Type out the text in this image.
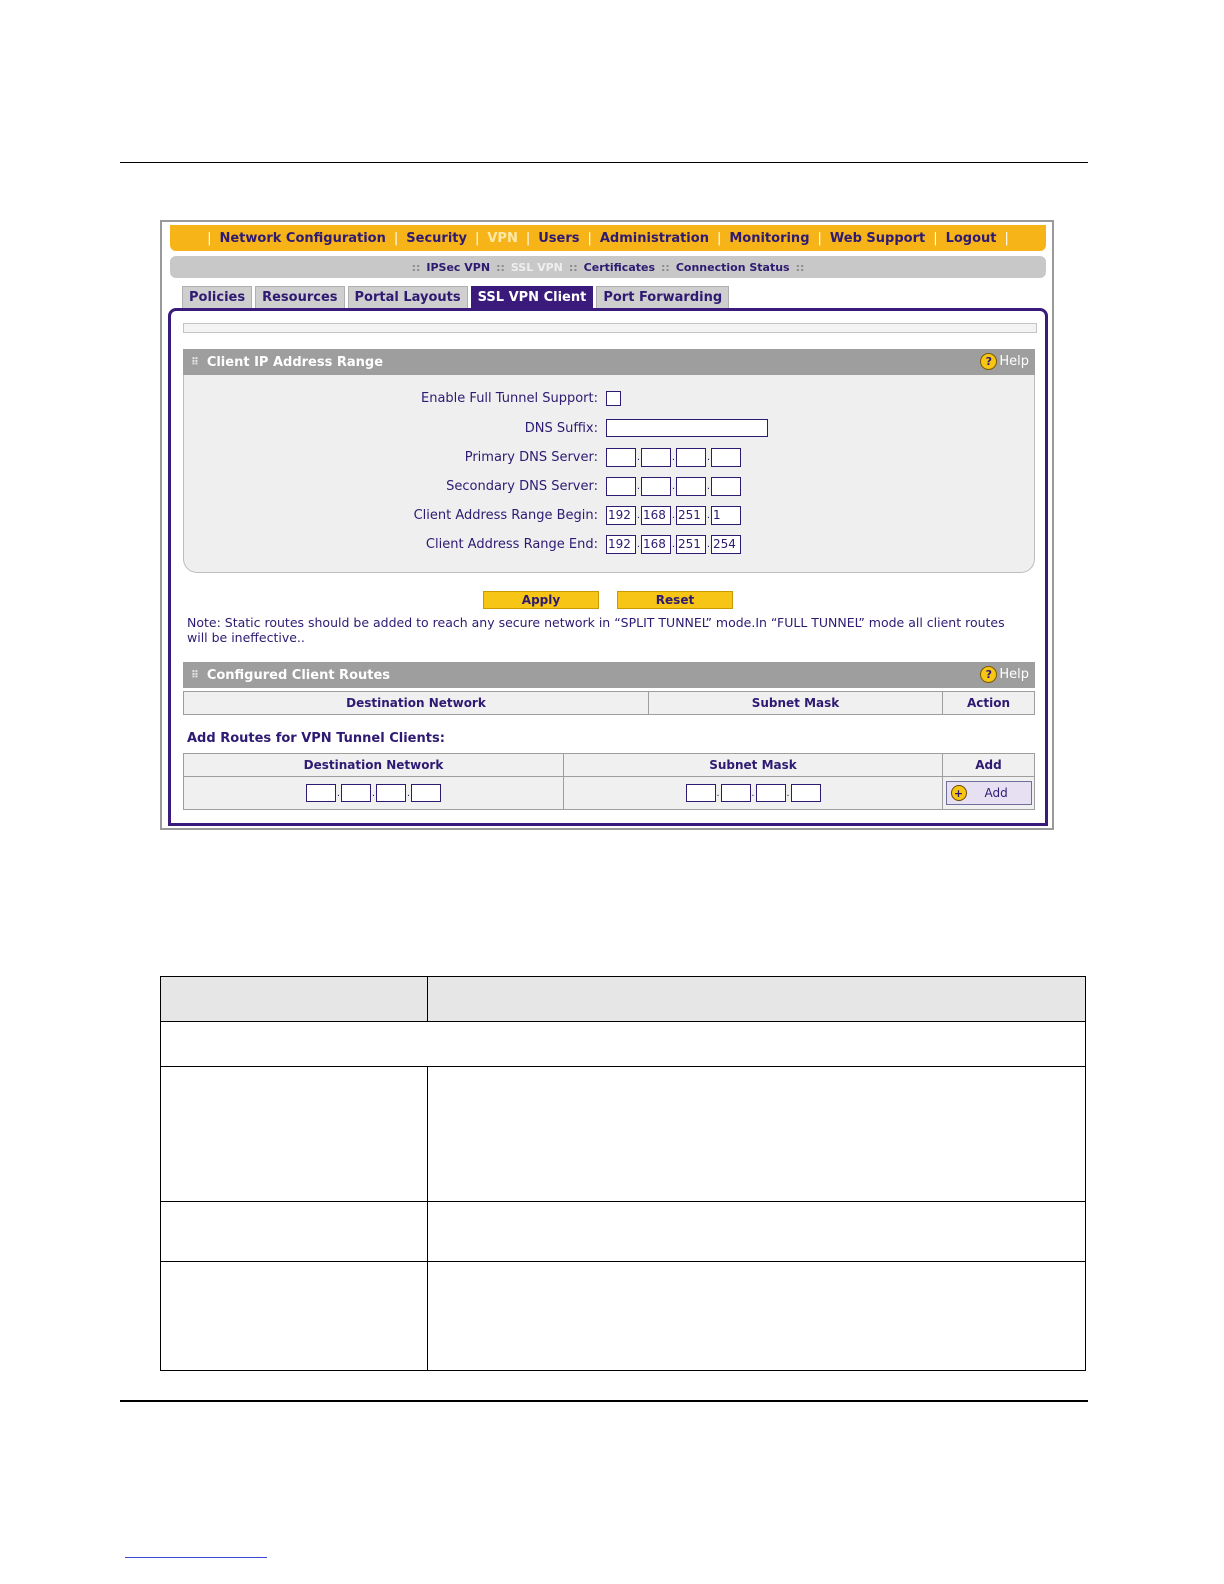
| Network Configuration | Security | VPN | Users | Administration | Monitoring | Web Support | Logout |
:: IPSec VPN :: SSL VPN :: Certificates :: Connection Status ::
Policies	Resources	Portal Layouts	SSL VPN Client	Port Forwarding
⠿ Client IP Address Range	? Help
Enable Full Tunnel Support:
DNS Suffix:
Primary DNS Server:	.	.	.
Secondary DNS Server:	.	.	.
Client Address Range Begin: 192 . 168 . 251 . 1
Client Address Range End: 192 . 168 . 251 . 254
Apply	Reset
Note: Static routes should be added to reach any secure network in “SPLIT TUNNEL” mode.In “FULL TUNNEL” mode all client routes will be ineffective..
⠿ Configured Client Routes	? Help
Destination Network	Subnet Mask	Action
Add Routes for VPN Tunnel Clients:
Destination Network	Subnet Mask	Add

. . .	. . .	+ Add
